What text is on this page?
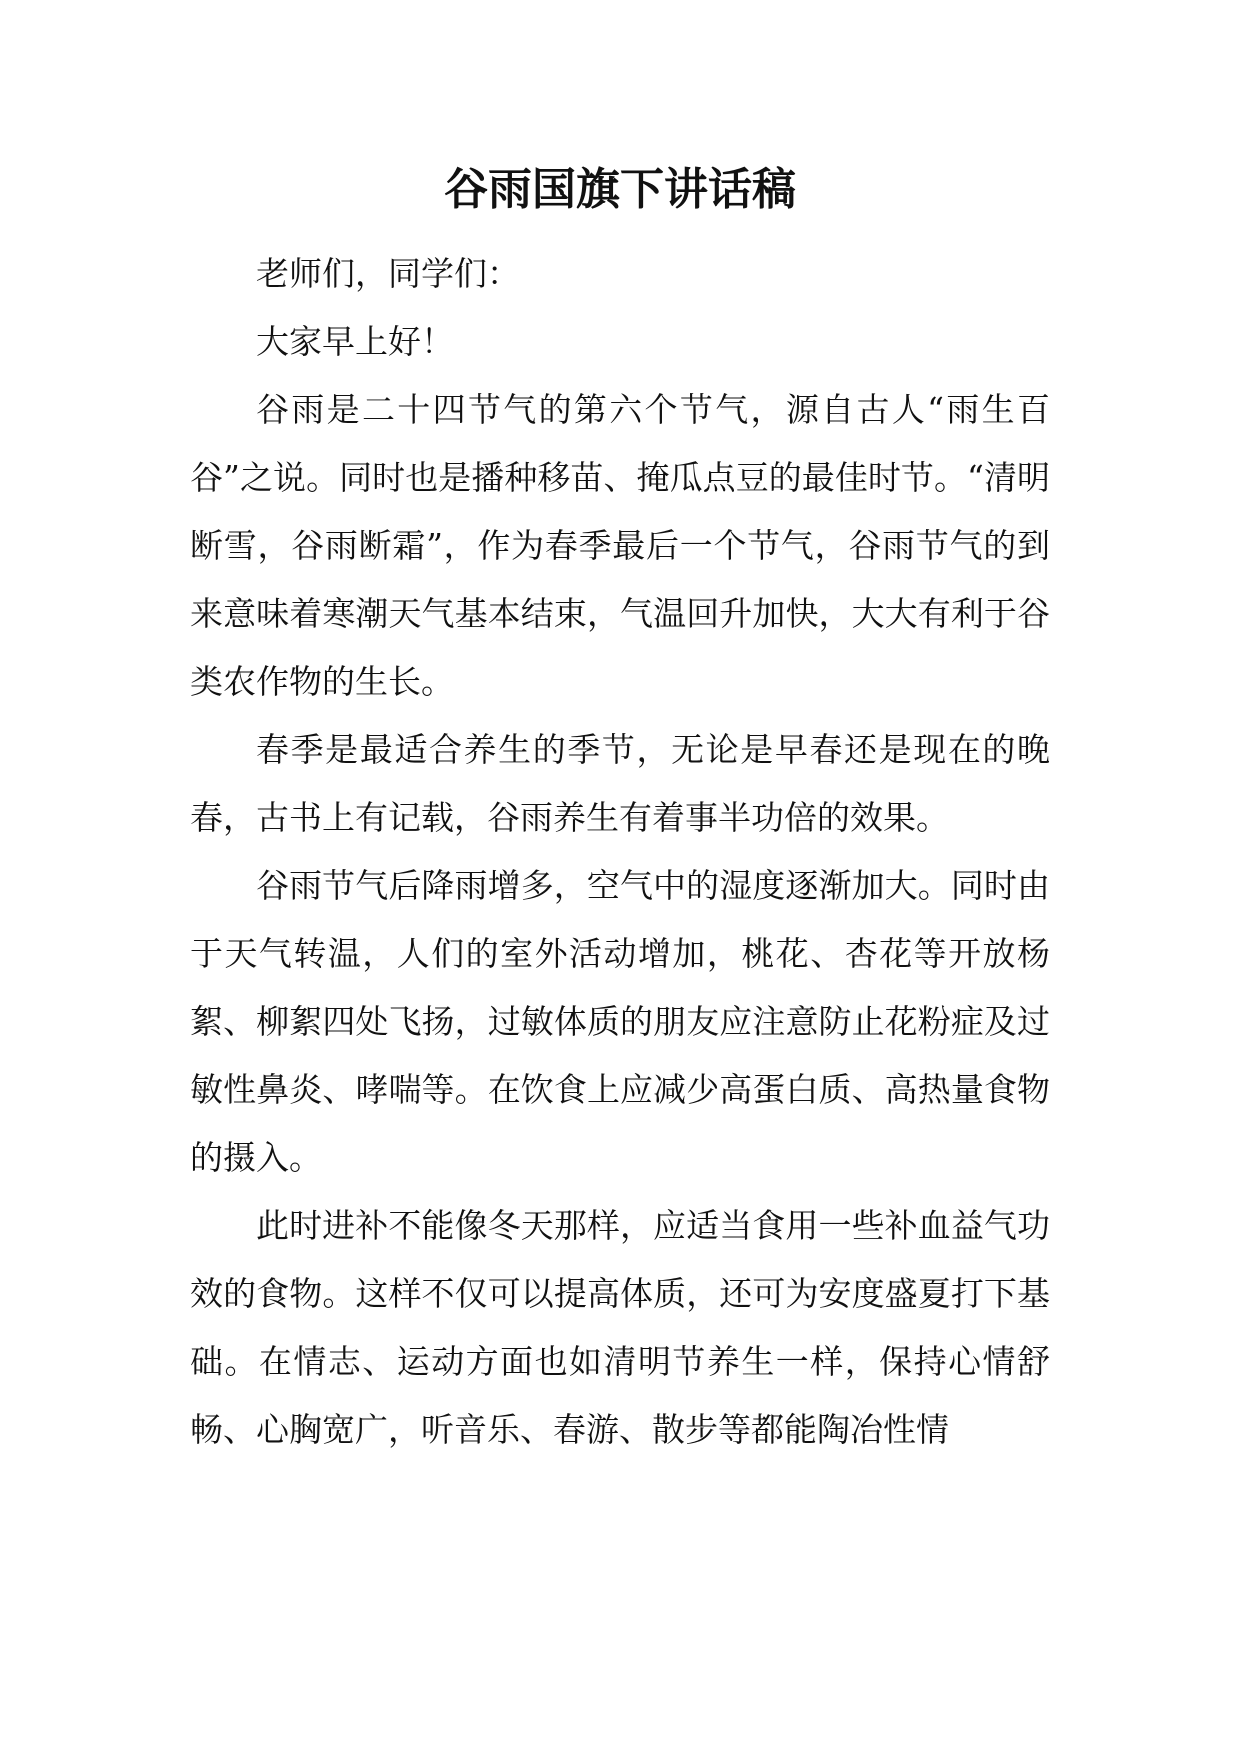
谷雨国旗下讲话稿

老师们，同学们：

大家早上好！

谷雨是二十四节气的第六个节气，源自古人“雨生百谷”之说。同时也是播种移苗、掩瓜点豆的最佳时节。“清明断雪，谷雨断霜”，作为春季最后一个节气，谷雨节气的到来意味着寒潮天气基本结束，气温回升加快，大大有利于谷类农作物的生长。

春季是最适合养生的季节，无论是早春还是现在的晚春，古书上有记载，谷雨养生有着事半功倍的效果。

谷雨节气后降雨增多，空气中的湿度逐渐加大。同时由于天气转温，人们的室外活动增加，桃花、杏花等开放杨絮、柳絮四处飞扬，过敏体质的朋友应注意防止花粉症及过敏性鼻炎、哮喘等。在饮食上应减少高蛋白质、高热量食物的摄入。

此时进补不能像冬天那样，应适当食用一些补血益气功效的食物。这样不仅可以提高体质，还可为安度盛夏打下基础。在情志、运动方面也如清明节养生一样，保持心情舒畅、心胸宽广，听音乐、春游、散步等都能陶冶性情
